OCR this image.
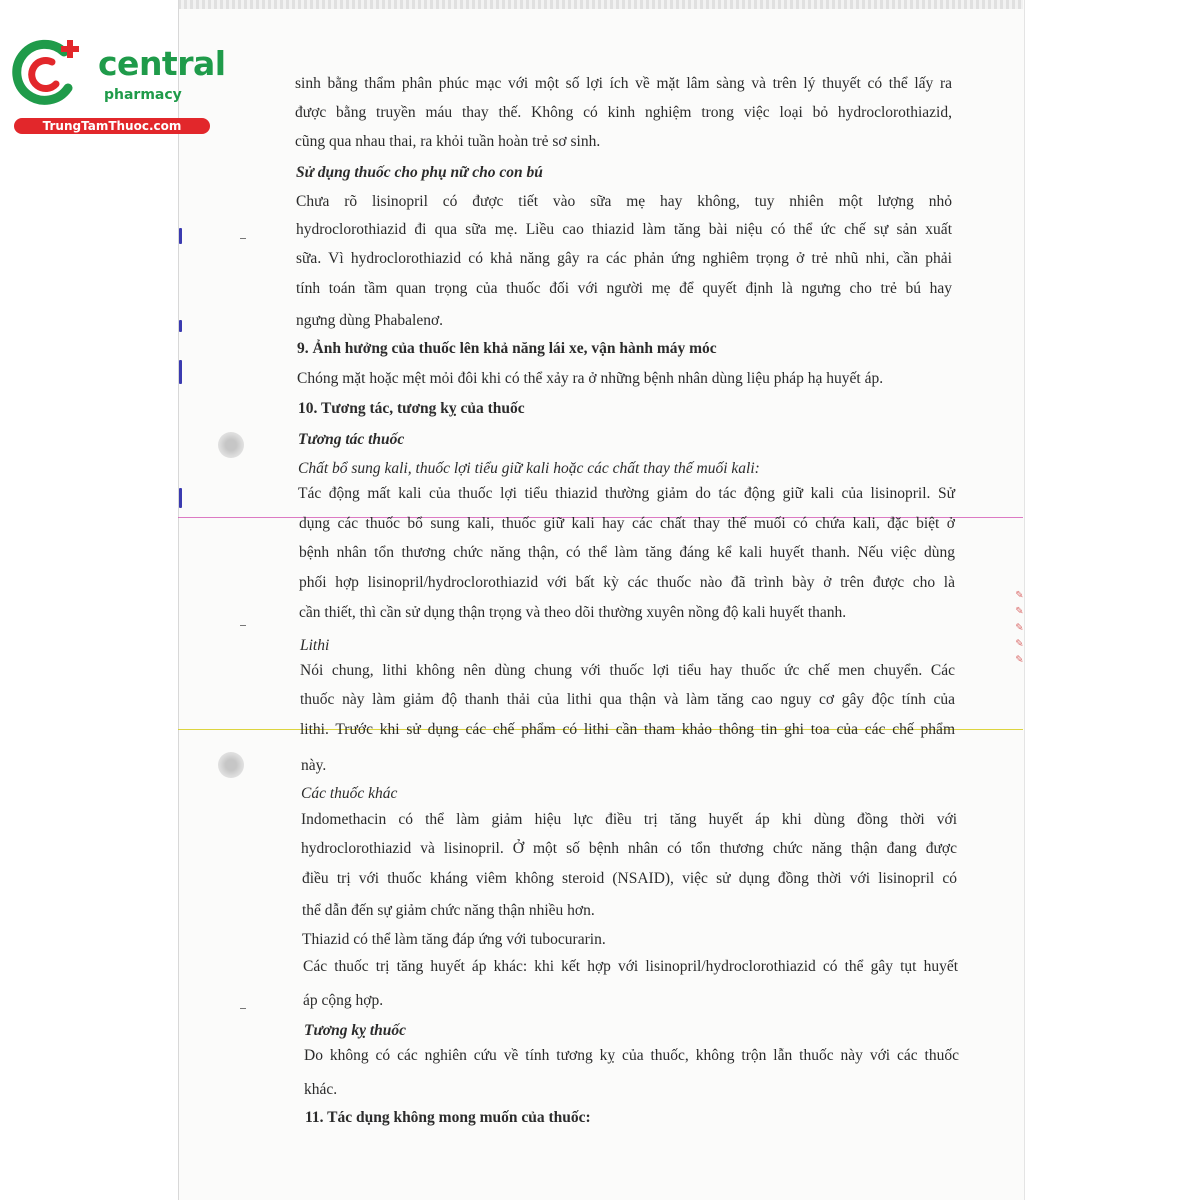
✎ ✎ ✎ ✎ ✎
central
pharmacy
TrungTamThuoc.com
sinh bằng thẩm phân phúc mạc với một số lợi ích về mặt lâm sàng và trên lý thuyết có thể lấy ra
được bằng truyền máu thay thế. Không có kinh nghiệm trong việc loại bỏ hydroclorothiazid,
cũng qua nhau thai, ra khỏi tuần hoàn trẻ sơ sinh.
Sử dụng thuốc cho phụ nữ cho con bú
Chưa rõ lisinopril có được tiết vào sữa mẹ hay không, tuy nhiên một lượng nhỏ
hydroclorothiazid đi qua sữa mẹ. Liều cao thiazid làm tăng bài niệu có thể ức chế sự sản xuất
sữa. Vì hydroclorothiazid có khả năng gây ra các phản ứng nghiêm trọng ở trẻ nhũ nhi, cần phải
tính toán tầm quan trọng của thuốc đối với người mẹ để quyết định là ngưng cho trẻ bú hay
ngưng dùng Phabalenơ.
9. Ảnh hưởng của thuốc lên khả năng lái xe, vận hành máy móc
Chóng mặt hoặc mệt mỏi đôi khi có thể xảy ra ở những bệnh nhân dùng liệu pháp hạ huyết áp.
10. Tương tác, tương kỵ của thuốc
Tương tác thuốc
Chất bổ sung kali, thuốc lợi tiểu giữ kali hoặc các chất thay thế muối kali:
Tác động mất kali của thuốc lợi tiểu thiazid thường giảm do tác động giữ kali của lisinopril. Sử
dụng các thuốc bổ sung kali, thuốc giữ kali hay các chất thay thế muối có chứa kali, đặc biệt ở
bệnh nhân tổn thương chức năng thận, có thể làm tăng đáng kể kali huyết thanh. Nếu việc dùng
phối hợp lisinopril/hydroclorothiazid với bất kỳ các thuốc nào đã trình bày ở trên được cho là
cần thiết, thì cần sử dụng thận trọng và theo dõi thường xuyên nồng độ kali huyết thanh.
Lithi
Nói chung, lithi không nên dùng chung với thuốc lợi tiểu hay thuốc ức chế men chuyển. Các
thuốc này làm giảm độ thanh thải của lithi qua thận và làm tăng cao nguy cơ gây độc tính của
lithi. Trước khi sử dụng các chế phẩm có lithi cần tham khảo thông tin ghi toa của các chế phẩm
này.
Các thuốc khác
Indomethacin có thể làm giảm hiệu lực điều trị tăng huyết áp khi dùng đồng thời với
hydroclorothiazid và lisinopril. Ở một số bệnh nhân có tổn thương chức năng thận đang được
điều trị với thuốc kháng viêm không steroid (NSAID), việc sử dụng đồng thời với lisinopril có
thể dẫn đến sự giảm chức năng thận nhiều hơn.
Thiazid có thể làm tăng đáp ứng với tubocurarin.
Các thuốc trị tăng huyết áp khác: khi kết hợp với lisinopril/hydroclorothiazid có thể gây tụt huyết
áp cộng hợp.
Tương kỵ thuốc
Do không có các nghiên cứu về tính tương kỵ của thuốc, không trộn lẫn thuốc này với các thuốc
khác.
11. Tác dụng không mong muốn của thuốc:
